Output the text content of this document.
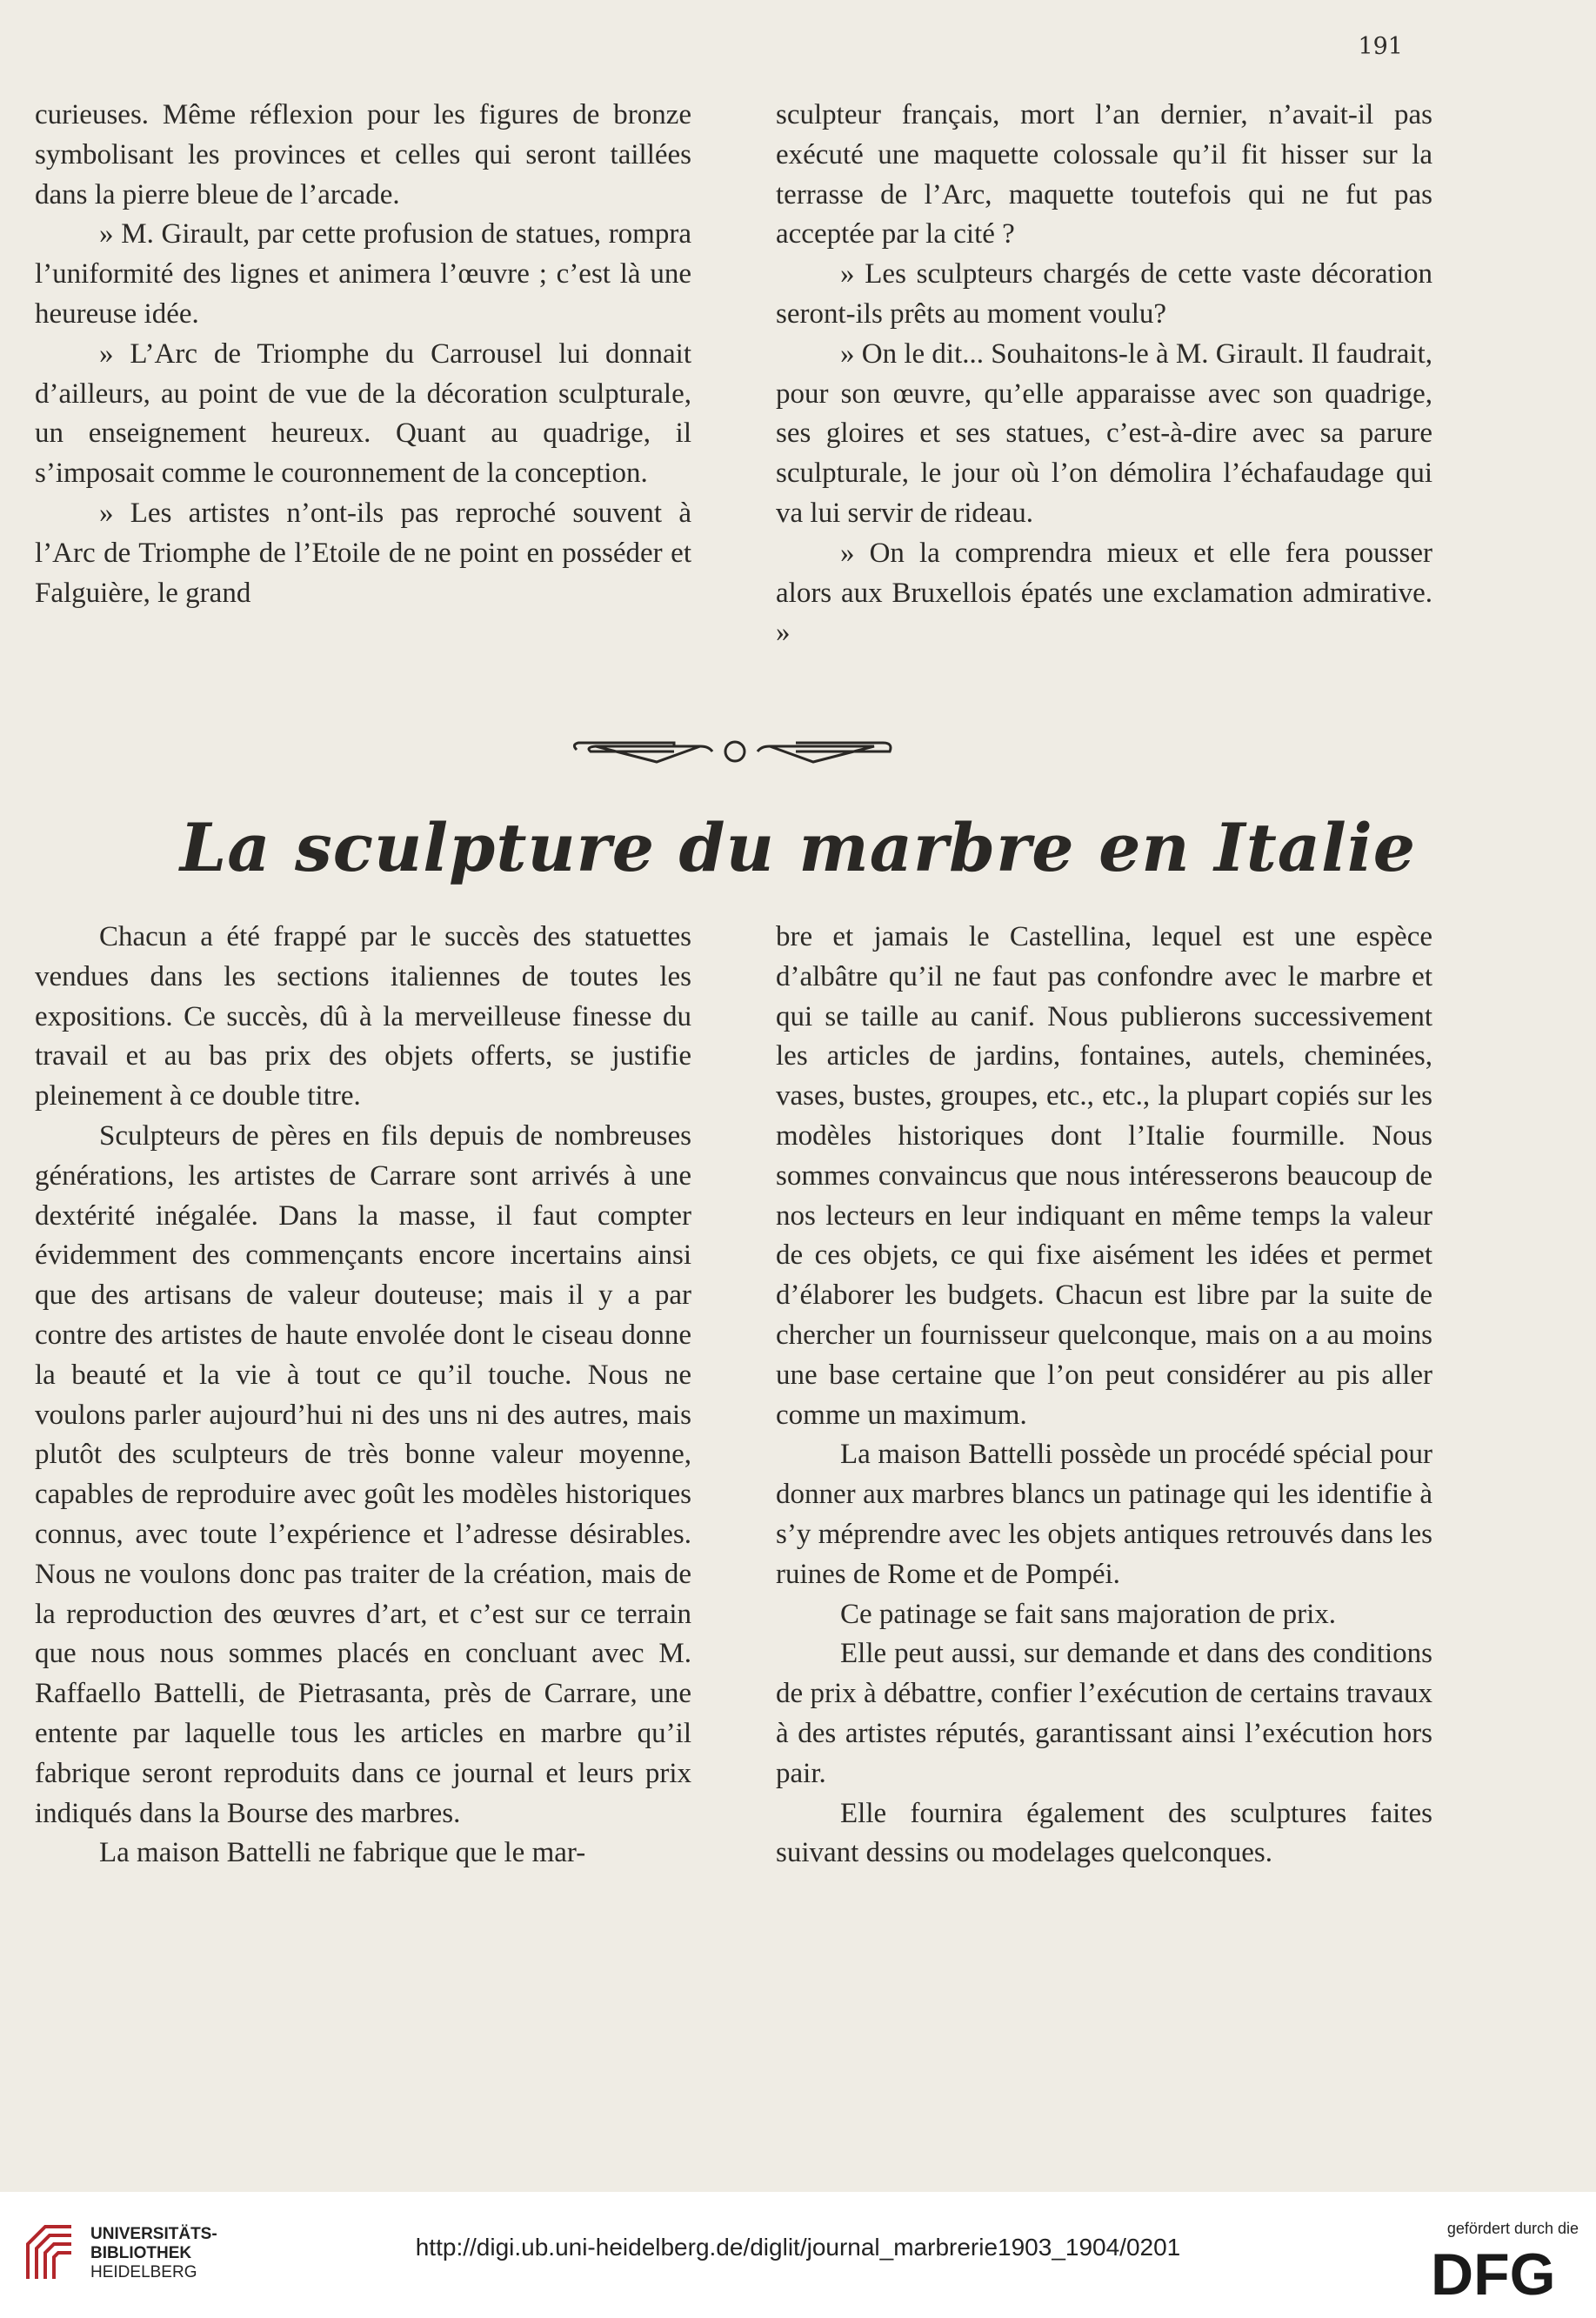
191

curieuses. Même réflexion pour les figures de bronze symbolisant les provinces et celles qui seront taillées dans la pierre bleue de l’arcade.

» M. Girault, par cette profusion de statues, rompra l’uniformité des lignes et animera l’œuvre ; c’est là une heureuse idée.

» L’Arc de Triomphe du Carrousel lui donnait d’ailleurs, au point de vue de la décoration sculpturale, un enseignement heureux. Quant au quadrige, il s’imposait comme le couronnement de la conception.

» Les artistes n’ont-ils pas reproché souvent à l’Arc de Triomphe de l’Etoile de ne point en posséder et Falguière, le grand

sculpteur français, mort l’an dernier, n’avait-il pas exécuté une maquette colossale qu’il fit hisser sur la terrasse de l’Arc, maquette toutefois qui ne fut pas acceptée par la cité ?

» Les sculpteurs chargés de cette vaste décoration seront-ils prêts au moment voulu?

» On le dit... Souhaitons-le à M. Girault. Il faudrait, pour son œuvre, qu’elle apparaisse avec son quadrige, ses gloires et ses statues, c’est-à-dire avec sa parure sculpturale, le jour où l’on démolira l’échafaudage qui va lui servir de rideau.

» On la comprendra mieux et elle fera pousser alors aux Bruxellois épatés une exclamation admirative. »

La sculpture du marbre en Italie

Chacun a été frappé par le succès des statuettes vendues dans les sections italiennes de toutes les expositions. Ce succès, dû à la merveilleuse finesse du travail et au bas prix des objets offerts, se justifie pleinement à ce double titre.

Sculpteurs de pères en fils depuis de nombreuses générations, les artistes de Carrare sont arrivés à une dextérité inégalée. Dans la masse, il faut compter évidemment des commençants encore incertains ainsi que des artisans de valeur douteuse; mais il y a par contre des artistes de haute envolée dont le ciseau donne la beauté et la vie à tout ce qu’il touche. Nous ne voulons parler aujourd’hui ni des uns ni des autres, mais plutôt des sculpteurs de très bonne valeur moyenne, capables de reproduire avec goût les modèles historiques connus, avec toute l’expérience et l’adresse désirables. Nous ne voulons donc pas traiter de la création, mais de la reproduction des œuvres d’art, et c’est sur ce terrain que nous nous sommes placés en concluant avec M. Raffaello Battelli, de Pietrasanta, près de Carrare, une entente par laquelle tous les articles en marbre qu’il fabrique seront reproduits dans ce journal et leurs prix indiqués dans la Bourse des marbres.

La maison Battelli ne fabrique que le mar-

bre et jamais le Castellina, lequel est une espèce d’albâtre qu’il ne faut pas confondre avec le marbre et qui se taille au canif. Nous publierons successivement les articles de jardins, fontaines, autels, cheminées, vases, bustes, groupes, etc., etc., la plupart copiés sur les modèles historiques dont l’Italie fourmille. Nous sommes convaincus que nous intéresserons beaucoup de nos lecteurs en leur indiquant en même temps la valeur de ces objets, ce qui fixe aisément les idées et permet d’élaborer les budgets. Chacun est libre par la suite de chercher un fournisseur quelconque, mais on a au moins une base certaine que l’on peut considérer au pis aller comme un maximum.

La maison Battelli possède un procédé spécial pour donner aux marbres blancs un patinage qui les identifie à s’y méprendre avec les objets antiques retrouvés dans les ruines de Rome et de Pompéi.

Ce patinage se fait sans majoration de prix.

Elle peut aussi, sur demande et dans des conditions de prix à débattre, confier l’exécution de certains travaux à des artistes réputés, garantissant ainsi l’exécution hors pair.

Elle fournira également des sculptures faites suivant dessins ou modelages quelconques.

UNIVERSITÄTS-
BIBLIOTHEK
HEIDELBERG
http://digi.ub.uni-heidelberg.de/diglit/journal_marbrerie1903_1904/0201
gefördert durch die
DFG
